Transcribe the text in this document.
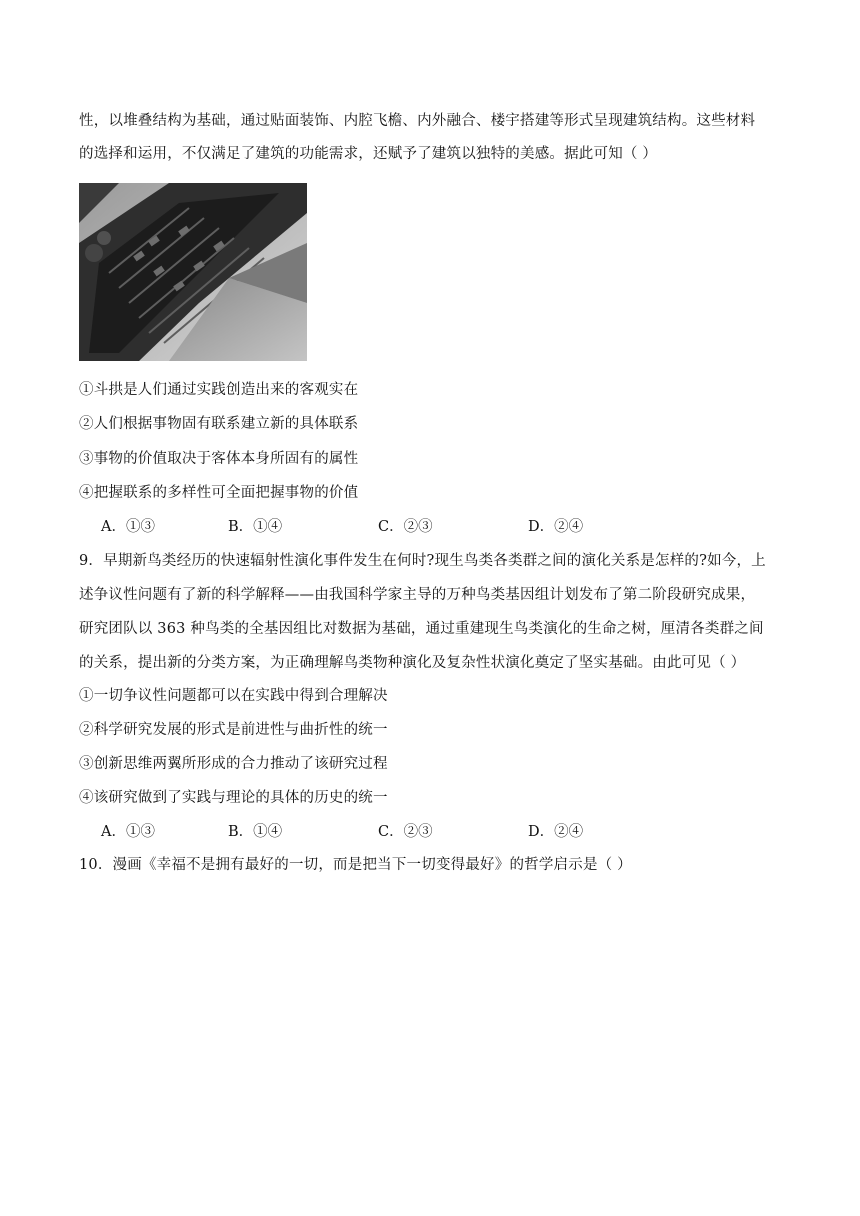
性，以堆叠结构为基础，通过贴面装饰、内腔飞檐、内外融合、楼宇搭建等形式呈现建筑结构。这些材料
的选择和运用，不仅满足了建筑的功能需求，还赋予了建筑以独特的美感。据此可知（ ）
①斗拱是人们通过实践创造出来的客观实在
②人们根据事物固有联系建立新的具体联系
③事物的价值取决于客体本身所固有的属性
④把握联系的多样性可全面把握事物的价值
A．①③	B．①④	C．②③	D．②④
9．早期新鸟类经历的快速辐射性演化事件发生在何时?现生鸟类各类群之间的演化关系是怎样的?如今，上
述争议性问题有了新的科学解释——由我国科学家主导的万种鸟类基因组计划发布了第二阶段研究成果，
研究团队以 363 种鸟类的全基因组比对数据为基础，通过重建现生鸟类演化的生命之树，厘清各类群之间
的关系，提出新的分类方案，为正确理解鸟类物种演化及复杂性状演化奠定了坚实基础。由此可见（ ）
①一切争议性问题都可以在实践中得到合理解决
②科学研究发展的形式是前进性与曲折性的统一
③创新思维两翼所形成的合力推动了该研究过程
④该研究做到了实践与理论的具体的历史的统一
A．①③	B．①④	C．②③	D．②④
10．漫画《幸福不是拥有最好的一切，而是把当下一切变得最好》的哲学启示是（ ）
